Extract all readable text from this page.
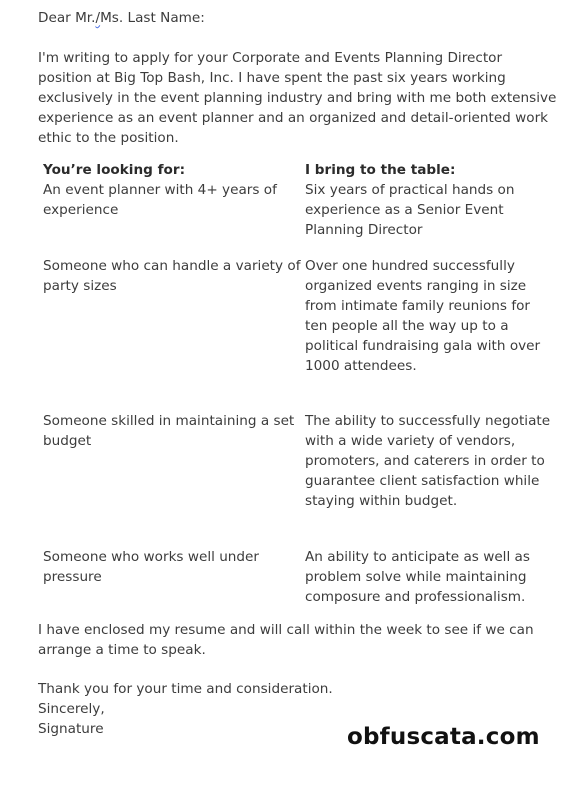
Dear Mr./Ms. Last Name:

I'm writing to apply for your Corporate and Events Planning Director position at Big Top Bash, Inc. I have spent the past six years working exclusively in the event planning industry and bring with me both extensive experience as an event planner and an organized and detail-oriented work ethic to the position.

You’re looking for:
An event planner with 4+ years of experience
I bring to the table:
Six years of practical hands on experience as a Senior Event Planning Director
Someone who can handle a variety of party sizes
Over one hundred successfully organized events ranging in size from intimate family reunions for ten people all the way up to a political fundraising gala with over 1000 attendees.
Someone skilled in maintaining a set budget
The ability to successfully negotiate with a wide variety of vendors, promoters, and caterers in order to guarantee client satisfaction while staying within budget.
Someone who works well under pressure
An ability to anticipate as well as problem solve while maintaining composure and professionalism.

I have enclosed my resume and will call within the week to see if we can arrange a time to speak.

Thank you for your time and consideration.
Sincerely,
Signature	obfuscata.com
